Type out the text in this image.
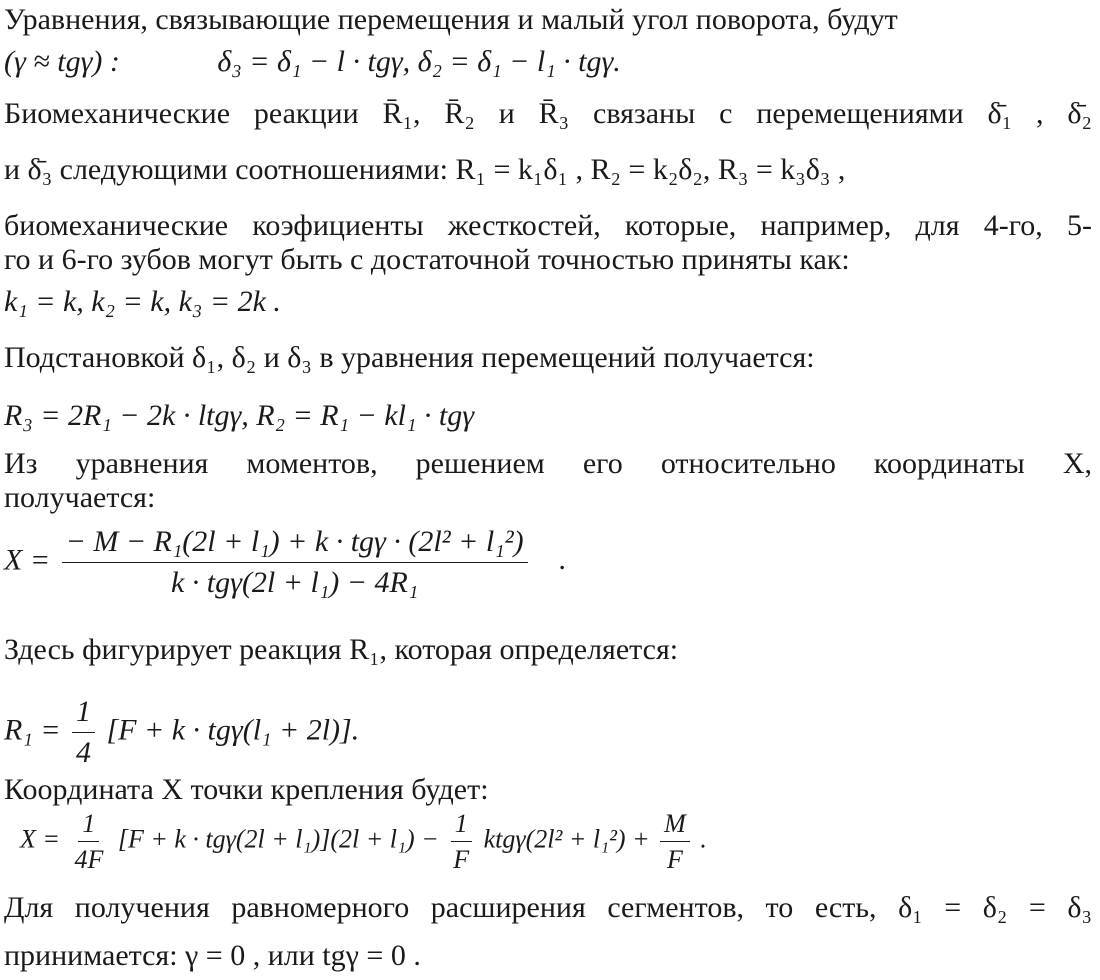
Уравнения, связывающие перемещения и малый угол поворота, будут
(γ ≈ tgγ) :	δ₃ = δ₁ − l · tgγ, δ₂ = δ₁ − l₁ · tgγ.
Биомеханические реакции R̄₁, R̄₂ и R̄₃ связаны с перемещениями δ̄₁ , δ̄₂
и δ̄₃ следующими соотношениями: R₁ = k₁δ₁ , R₂ = k₂δ₂, R₃ = k₃δ₃ ,
биомеханические коэфициенты жесткостей, которые, например, для 4-го, 5-
го и 6-го зубов могут быть с достаточной точностью приняты как:
k₁ = k, k₂ = k, k₃ = 2k .
Подстановкой δ₁, δ₂ и δ₃ в уравнения перемещений получается:
R₃ = 2R₁ − 2k · ltgγ, R₂ = R₁ − kl₁ · tgγ
Из уравнения моментов, решением его относительно координаты Х,
получается:
X =
− M − R₁(2l + l₁) + k · tgγ · (2l² + l₁²)
k · tgγ(2l + l₁) − 4R₁
.
Здесь фигурирует реакция R₁, которая определяется:
$R_1 = \frac{1}{4} [F + k \cdot tg\gamma(l_1 + 2l)]$.
Координата X точки крепления будет:
$X = \frac{1}{4F} [F + k \cdot tg\gamma(2l + l_1)](2l + l_1) - \frac{1}{F} ktg\gamma(2l^2 + l_1^2) + \frac{M}{F}$ .
Для получения равномерного расширения сегментов, то есть, δ₁ = δ₂ = δ₃
принимается: γ = 0 , или tgγ = 0 .
